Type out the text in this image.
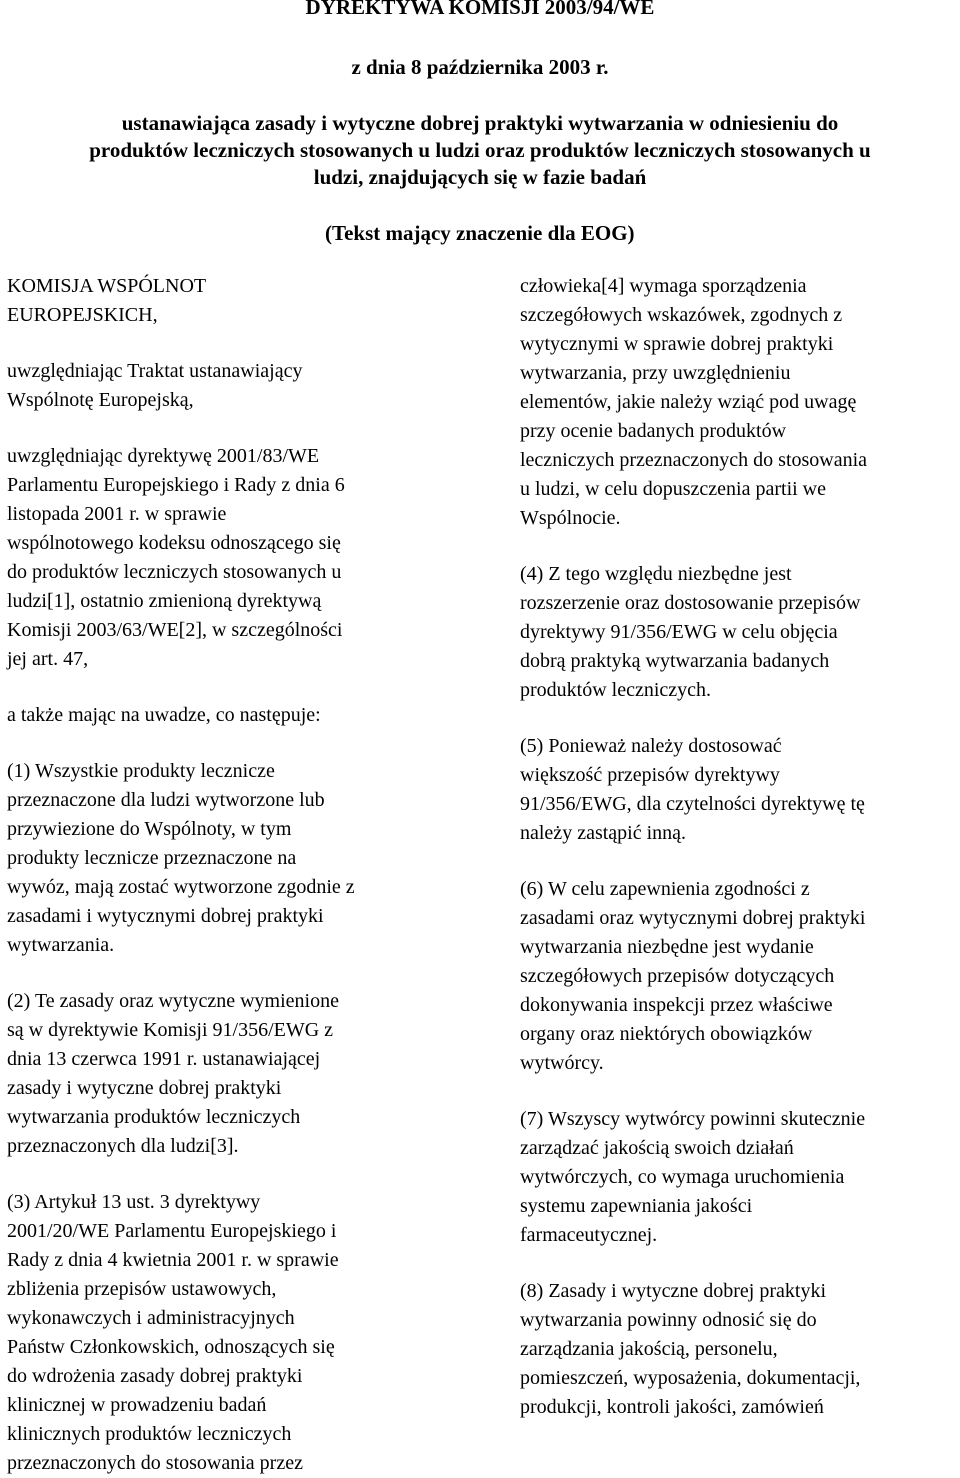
DYREKTYWA KOMISJI 2003/94/WE
z dnia 8 października 2003 r.
ustanawiająca zasady i wytyczne dobrej praktyki wytwarzania w odniesieniu do
produktów leczniczych stosowanych u ludzi oraz produktów leczniczych stosowanych u
ludzi, znajdujących się w fazie badań
(Tekst mający znaczenie dla EOG)
KOMISJA WSPÓLNOT
EUROPEJSKICH,
uwzględniając Traktat ustanawiający
Wspólnotę Europejską,
uwzględniając dyrektywę 2001/83/WE
Parlamentu Europejskiego i Rady z dnia 6
listopada 2001 r. w sprawie
wspólnotowego kodeksu odnoszącego się
do produktów leczniczych stosowanych u
ludzi[1], ostatnio zmienioną dyrektywą
Komisji 2003/63/WE[2], w szczególności
jej art. 47,
a także mając na uwadze, co następuje:
(1) Wszystkie produkty lecznicze
przeznaczone dla ludzi wytworzone lub
przywiezione do Wspólnoty, w tym
produkty lecznicze przeznaczone na
wywóz, mają zostać wytworzone zgodnie z
zasadami i wytycznymi dobrej praktyki
wytwarzania.
(2) Te zasady oraz wytyczne wymienione
są w dyrektywie Komisji 91/356/EWG z
dnia 13 czerwca 1991 r. ustanawiającej
zasady i wytyczne dobrej praktyki
wytwarzania produktów leczniczych
przeznaczonych dla ludzi[3].
(3) Artykuł 13 ust. 3 dyrektywy
2001/20/WE Parlamentu Europejskiego i
Rady z dnia 4 kwietnia 2001 r. w sprawie
zbliżenia przepisów ustawowych,
wykonawczych i administracyjnych
Państw Członkowskich, odnoszących się
do wdrożenia zasady dobrej praktyki
klinicznej w prowadzeniu badań
klinicznych produktów leczniczych
przeznaczonych do stosowania przez
człowieka[4] wymaga sporządzenia
szczegółowych wskazówek, zgodnych z
wytycznymi w sprawie dobrej praktyki
wytwarzania, przy uwzględnieniu
elementów, jakie należy wziąć pod uwagę
przy ocenie badanych produktów
leczniczych przeznaczonych do stosowania
u ludzi, w celu dopuszczenia partii we
Wspólnocie.
(4) Z tego względu niezbędne jest
rozszerzenie oraz dostosowanie przepisów
dyrektywy 91/356/EWG w celu objęcia
dobrą praktyką wytwarzania badanych
produktów leczniczych.
(5) Ponieważ należy dostosować
większość przepisów dyrektywy
91/356/EWG, dla czytelności dyrektywę tę
należy zastąpić inną.
(6) W celu zapewnienia zgodności z
zasadami oraz wytycznymi dobrej praktyki
wytwarzania niezbędne jest wydanie
szczegółowych przepisów dotyczących
dokonywania inspekcji przez właściwe
organy oraz niektórych obowiązków
wytwórcy.
(7) Wszyscy wytwórcy powinni skutecznie
zarządzać jakością swoich działań
wytwórczych, co wymaga uruchomienia
systemu zapewniania jakości
farmaceutycznej.
(8) Zasady i wytyczne dobrej praktyki
wytwarzania powinny odnosić się do
zarządzania jakością, personelu,
pomieszczeń, wyposażenia, dokumentacji,
produkcji, kontroli jakości, zamówień
